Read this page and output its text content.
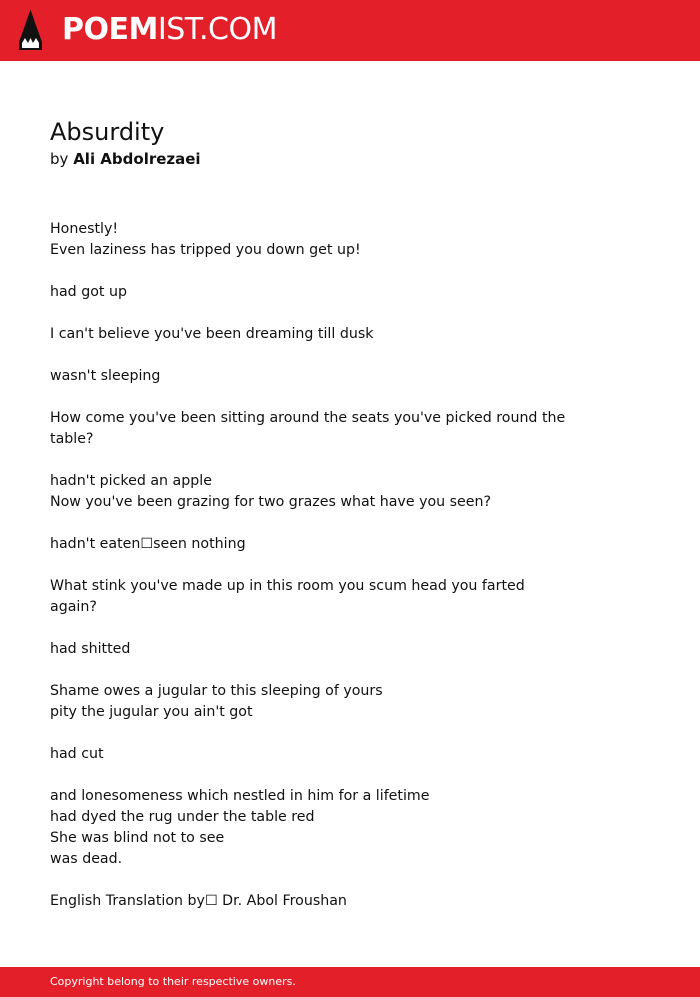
POEMIST.COM
Absurdity
by Ali Abdolrezaei

Honestly!
Even laziness has tripped you down get up!

had got up

I can't believe you've been dreaming till dusk

wasn't sleeping

How come you've been sitting around the seats you've picked round the table?

hadn't picked an apple
Now you've been grazing for two grazes what have you seen?

hadn't eaten☐seen nothing

What stink you've made up in this room you scum head you farted again?

had shitted

Shame owes a jugular to this sleeping of yours
pity the jugular you ain't got

had cut

and lonesomeness which nestled in him for a lifetime
had dyed the rug under the table red
She was blind not to see
was dead.

English Translation by☐ Dr. Abol Froushan

Copyright belong to their respective owners.
